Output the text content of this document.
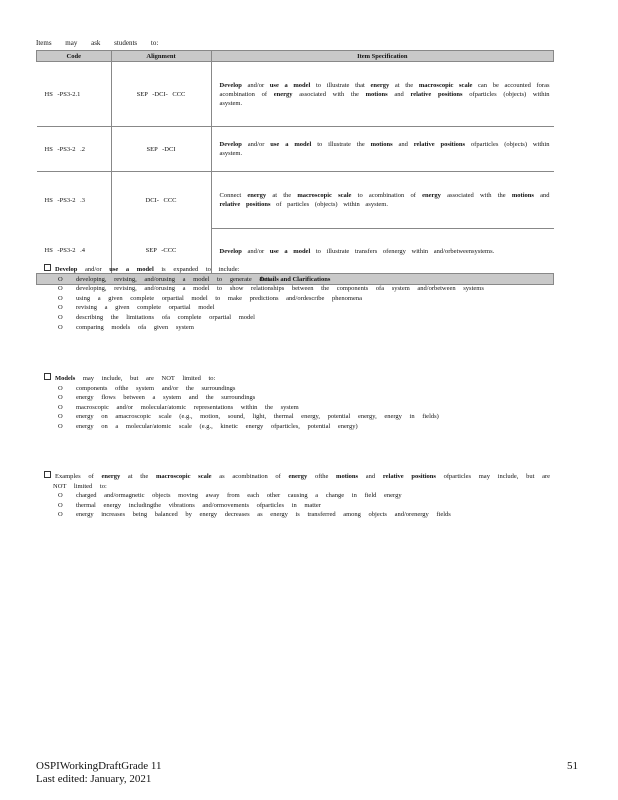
Items may ask students to:
Code	Alignment	Item Specification
HS -PS3-2.1	SEP -DCI- CCC	Develop and/or use a model to illustrate that energy at the macroscopic scale can be accounted foras acombination of energy associated with the motions and relative positions ofparticles (objects) within asystem.
HS -PS3-2 .2	SEP -DCI	Develop and/or use a model to illustrate the motions and relative positions ofparticles (objects) within asystem.
HS -PS3-2 .3	DCI- CCC	Connect energy at the macroscopic scale to acombination of energy associated with the motions and relative positions of particles (objects) within asystem.
HS -PS3-2 .4	SEP -CCC	Develop and/or use a model to illustrate transfers ofenergy within and/orbetweensystems.
Details and Clarifications		
Develop and/or use a model is expanded to include:
O developing, revising, and/orusing a model to generate data
O developing, revising, and/orusing a model to show relationships between the components ofa system and/orbetween systems
O using a given complete orpartial model to make predictions and/ordescribe phenomena
O revising a given complete orpartial model
O describing the limitations ofa complete orpartial model
O comparing models ofa given system
Models may include, but are NOT limited to:
O components ofthe system and/or the surroundings
O energy flows between a system and the surroundings
O macroscopic and/or molecular/atomic representations within the system
O energy on amacroscopic scale (e.g., motion, sound, light, thermal energy, potential energy, energy in fields)
O energy on a molecular/atomic scale (e.g., kinetic energy ofparticles, potential energy)
Examples of energy at the macroscopic scale as acombination of energy ofthe motions and relative positions ofparticles may include, but are NOT limited to:
O charged and/ormagnetic objects moving away from each other causing a change in field energy
O thermal energy includingthe vibrations and/ormovements ofparticles in matter
O energy increases being balanced by energy decreases as energy is transferred among objects and/orenergy fields
OSPIWorkingDraftGrade 11
Last edited: January, 2021
51
